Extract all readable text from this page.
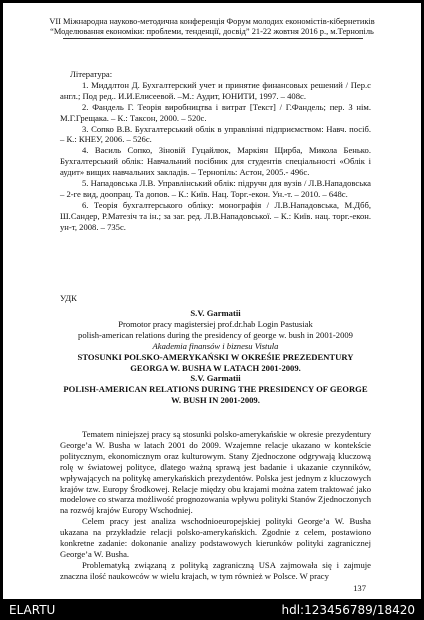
VII Міжнародна науково-методична конференція Форум молодих економістів-кібернетиків
“Моделювання економіки: проблеми, тенденції, досвід” 21-22 жовтня 2016 р., м.Тернопіль
Література:

1. Миддлтон Д. Бухгалтерский учет и принятие финансовых решений / Пер.с англ.; Под ред.. И.И.Елисеевой. –М.: Аудит, ЮНИТИ, 1997. – 408с.

2. Фандель Г. Теорія виробництва і витрат [Текст] / Г.Фандель; пер. З нім. М.Г.Грещака. – К.: Таксон, 2000. – 520с.

3. Сопко В.В. Бухгалтерський облік в управлінні підприємством: Навч. посіб. – К.: КНЕУ, 2006. – 526с.

4. Василь Сопко, Зіновій Гуцайлюк, Маркіян Щирба, Микола Бенько. Бухгалтерський облік: Навчальний посібник для студентів спеціальності «Облік і аудит» вищих навчальних закладів. – Тернопіль: Астон, 2005.- 496с.

5. Нападовська Л.В. Управлінський облік: підручн для вузів / Л.В.Нападовська – 2-ге вид, доопрац. Та допов. – К.: Київ. Нац. Торг.-екон. Ун.-т. – 2010. – 648с.

6. Теорія бухгалтерського обліку: монографія / Л.В.Нападовська, М.Дбб, Ш.Сандер, Р.Матезіч та ін.; за заг. ред. Л.В.Нападовської. – К.: Київ. нац. торг.-екон. ун-т, 2008. – 735с.

УДК
S.V. Garmatii
Promotor pracy magistersiej prof.dr.hab Login Pastusiak
polish-american relations during the presidency of george w. bush in 2001-2009
Akademia finansów i biznesu Vistula
STOSUNKI POLSKO-AMERYKAŃSKI W OKREŚIE PREZEDENTURY GEORGA W. BUSHA W LATACH 2001-2009.
S.V. Garmatii
POLISH-AMERICAN RELATIONS DURING THE PRESIDENCY OF GEORGE W. BUSH IN 2001-2009.

Tematem niniejszej pracy są stosunki polsko-amerykańskie w okresie prezydentury George’a W. Busha w latach 2001 do 2009. Wzajemne relacje ukazano w kontekście politycznym, ekonomicznym oraz kulturowym. Stany Zjednoczone odgrywają kluczową rolę w światowej polityce, dlatego ważną sprawą jest badanie i ukazanie czynników, wpływających na politykę amerykańskich prezydentów. Polska jest jednym z kluczowych krajów tzw. Europy Środkowej. Relacje między obu krajami można zatem traktować jako modelowe co stwarza możliwość prognozowania wpływu polityki Stanów Zjednoczonych na rozwój krajów Europy Wschodniej.

Celem pracy jest analiza wschodnioeuropejskiej polityki George’a W. Busha ukazana na przykładzie relacji polsko-amerykańskich. Zgodnie z celem, postawiono konkretne zadanie: dokonanie analizy podstawowych kierunków polityki zagranicznej George’a W. Busha.

Problematyką związaną z polityką zagraniczną USA zajmowała się i zajmuje znaczna ilość naukowców w wielu krajach, w tym również w Polsce. W pracy

137
ELARTU	hdl:123456789/18420
